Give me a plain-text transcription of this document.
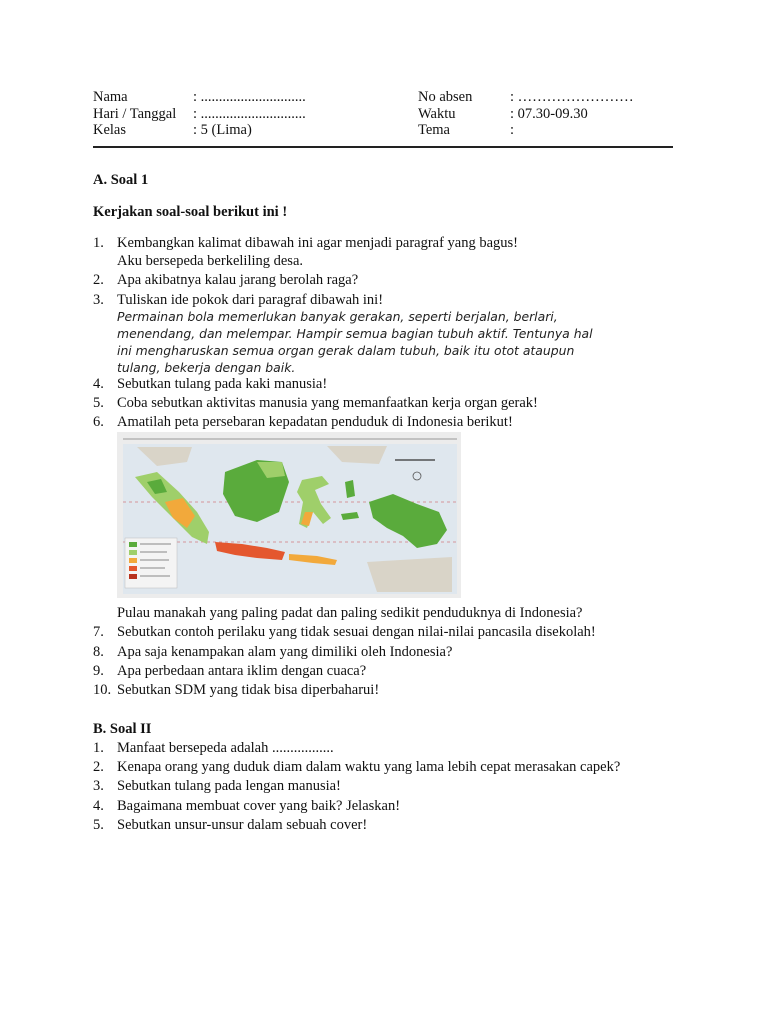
Nama	: .............................
Hari / Tanggal : .............................
Kelas	: 5 (Lima)
No absen	: ……………………
Waktu	: 07.30-09.30
Tema	:
A. Soal 1
Kerjakan soal-soal berikut ini !
1. Kembangkan kalimat dibawah ini agar menjadi paragraf yang bagus!
Aku bersepeda berkeliling desa.
2. Apa akibatnya kalau jarang berolah raga?
3. Tuliskan ide pokok dari paragraf dibawah ini!
Permainan bola memerlukan banyak gerakan, seperti berjalan, berlari, menendang, dan melempar. Hampir semua bagian tubuh aktif. Tentunya hal ini mengharuskan semua organ gerak dalam tubuh, baik itu otot ataupun tulang, bekerja dengan baik.
4. Sebutkan tulang pada kaki manusia!
5. Coba sebutkan aktivitas manusia yang memanfaatkan kerja organ gerak!
6. Amatilah peta persebaran kepadatan penduduk di Indonesia berikut!
Pulau manakah yang paling padat dan paling sedikit penduduknya di Indonesia?
7. Sebutkan contoh perilaku yang tidak sesuai dengan nilai-nilai pancasila disekolah!
8. Apa saja kenampakan alam yang dimiliki oleh Indonesia?
9. Apa perbedaan antara iklim dengan cuaca?
10. Sebutkan SDM yang tidak bisa diperbaharui!
B. Soal II
1. Manfaat bersepeda adalah .................
2. Kenapa orang yang duduk diam dalam waktu yang lama lebih cepat merasakan capek?
3. Sebutkan tulang pada lengan manusia!
4. Bagaimana membuat cover yang baik? Jelaskan!
5. Sebutkan unsur-unsur dalam sebuah cover!
